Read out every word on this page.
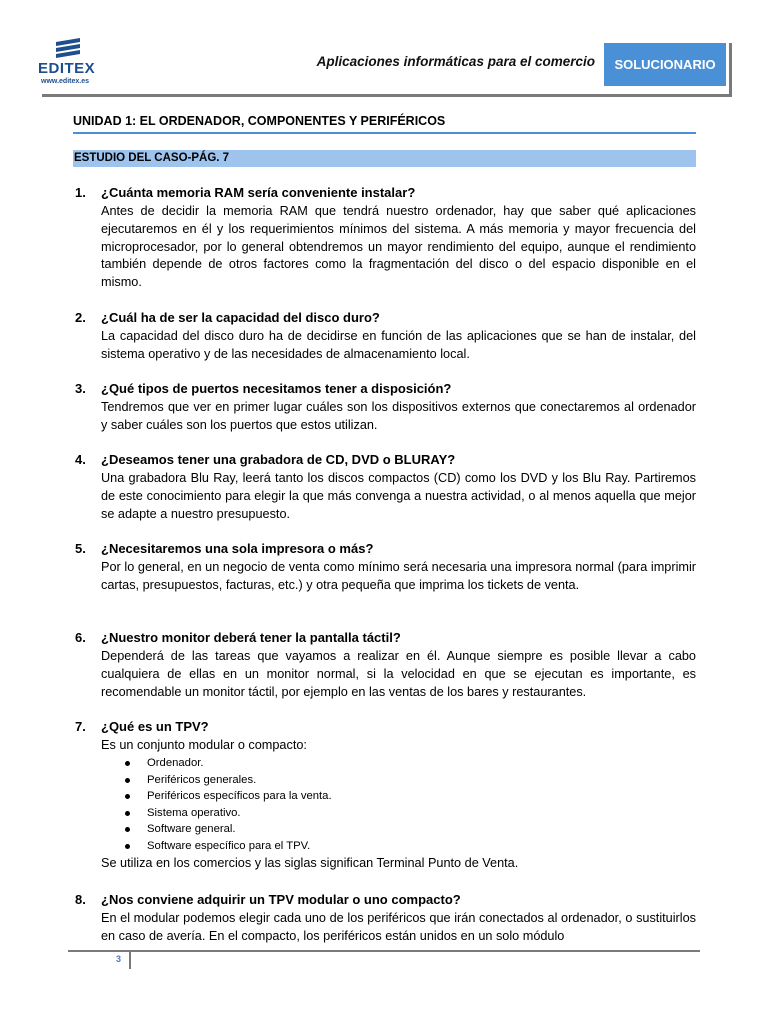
EDITEX
www.editex.es
Aplicaciones informáticas para el comercio	SOLUCIONARIO
UNIDAD 1: EL ORDENADOR, COMPONENTES Y PERIFÉRICOS
ESTUDIO DEL CASO-PÁG. 7
1. ¿Cuánta memoria RAM sería conveniente instalar?
Antes de decidir la memoria RAM que tendrá nuestro ordenador, hay que saber qué aplicaciones ejecutaremos en él y los requerimientos mínimos del sistema. A más memoria y mayor frecuencia del microprocesador, por lo general obtendremos un mayor rendimiento del equipo, aunque el rendimiento también depende de otros factores como la fragmentación del disco o del espacio disponible en el mismo.
2. ¿Cuál ha de ser la capacidad del disco duro?
La capacidad del disco duro ha de decidirse en función de las aplicaciones que se han de instalar, del sistema operativo y de las necesidades de almacenamiento local.
3. ¿Qué tipos de puertos necesitamos tener a disposición?
Tendremos que ver en primer lugar cuáles son los dispositivos externos que conectaremos al ordenador y saber cuáles son los puertos que estos utilizan.
4. ¿Deseamos tener una grabadora de CD, DVD o BLURAY?
Una grabadora Blu Ray, leerá tanto los discos compactos (CD) como los DVD y los Blu Ray. Partiremos de este conocimiento para elegir la que más convenga a nuestra actividad, o al menos aquella que mejor se adapte a nuestro presupuesto.
5. ¿Necesitaremos una sola impresora o más?
Por lo general, en un negocio de venta como mínimo será necesaria una impresora normal (para imprimir cartas, presupuestos, facturas, etc.) y otra pequeña que imprima los tickets de venta.
6. ¿Nuestro monitor deberá tener la pantalla táctil?
Dependerá de las tareas que vayamos a realizar en él. Aunque siempre es posible llevar a cabo cualquiera de ellas en un monitor normal, si la velocidad en que se ejecutan es importante, es recomendable un monitor táctil, por ejemplo en las ventas de los bares y restaurantes.
7. ¿Qué es un TPV?
Es un conjunto modular o compacto:
Ordenador.
Periféricos generales.
Periféricos específicos para la venta.
Sistema operativo.
Software general.
Software específico para el TPV.
Se utiliza en los comercios y las siglas significan Terminal Punto de Venta.
8. ¿Nos conviene adquirir un TPV modular o uno compacto?
En el modular podemos elegir cada uno de los periféricos que irán conectados al ordenador, o sustituirlos en caso de avería. En el compacto, los periféricos están unidos en un solo módulo
3
